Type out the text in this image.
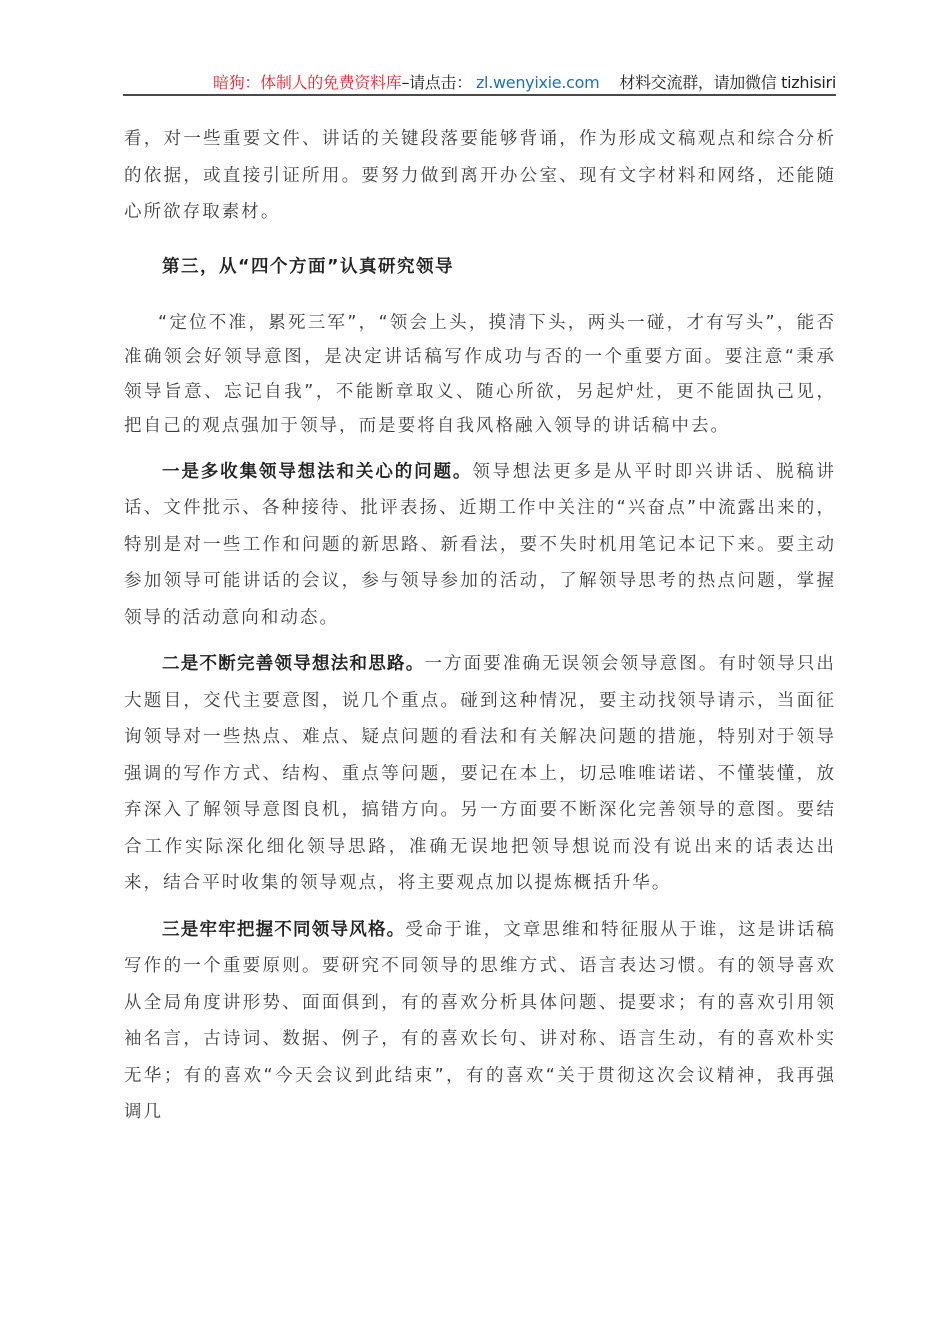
暗狗：体制人的免费资料库 –请点击： zl.wenyixie.com 材料交流群，请加微信 tizhisiri

看，对一些重要文件、讲话的关键段落要能够背诵，作为形成文稿观点和综合分析的依据，或直接引证所用。要努力做到离开办公室、现有文字材料和网络，还能随心所欲存取素材。

第三，从“四个方面”认真研究领导

“定位不准，累死三军”，“领会上头，摸清下头，两头一碰，才有写头”，能否准确领会好领导意图，是决定讲话稿写作成功与否的一个重要方面。要注意“秉承领导旨意、忘记自我”，不能断章取义、随心所欲，另起炉灶，更不能固执己见，把自己的观点强加于领导，而是要将自我风格融入领导的讲话稿中去。

一是多收集领导想法和关心的问题。领导想法更多是从平时即兴讲话、脱稿讲话、文件批示、各种接待、批评表扬、近期工作中关注的“兴奋点”中流露出来的，特别是对一些工作和问题的新思路、新看法，要不失时机用笔记本记下来。要主动参加领导可能讲话的会议，参与领导参加的活动，了解领导思考的热点问题，掌握领导的活动意向和动态。

二是不断完善领导想法和思路。一方面要准确无误领会领导意图。有时领导只出大题目，交代主要意图，说几个重点。碰到这种情况，要主动找领导请示，当面征询领导对一些热点、难点、疑点问题的看法和有关解决问题的措施，特别对于领导强调的写作方式、结构、重点等问题，要记在本上，切忌唯唯诺诺、不懂装懂，放弃深入了解领导意图良机，搞错方向。另一方面要不断深化完善领导的意图。要结合工作实际深化细化领导思路，准确无误地把领导想说而没有说出来的话表达出来，结合平时收集的领导观点，将主要观点加以提炼概括升华。

三是牢牢把握不同领导风格。受命于谁，文章思维和特征服从于谁，这是讲话稿写作的一个重要原则。要研究不同领导的思维方式、语言表达习惯。有的领导喜欢从全局角度讲形势、面面俱到，有的喜欢分析具体问题、提要求；有的喜欢引用领袖名言，古诗词、数据、例子，有的喜欢长句、讲对称、语言生动，有的喜欢朴实无华；有的喜欢“今天会议到此结束”，有的喜欢“关于贯彻这次会议精神，我再强调几
